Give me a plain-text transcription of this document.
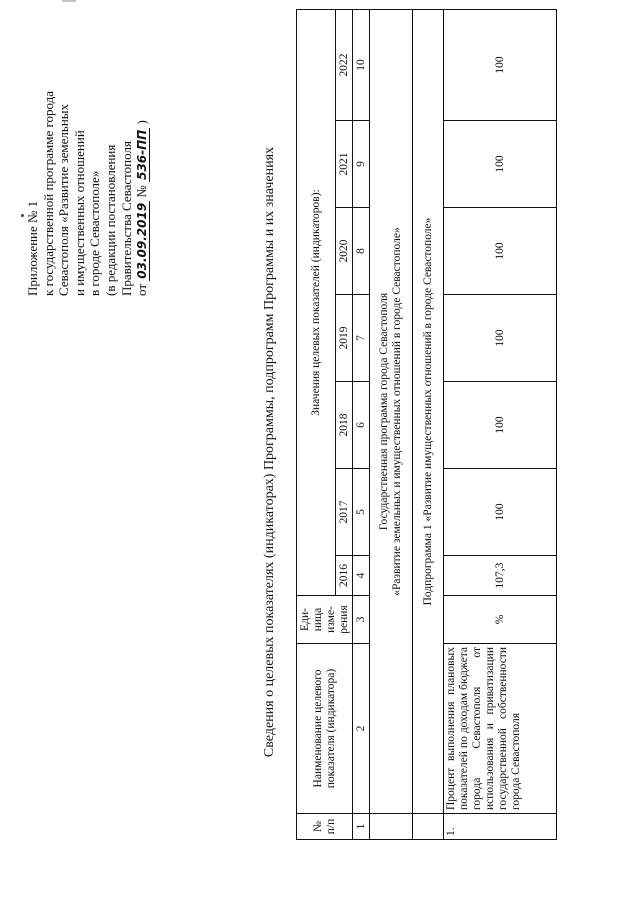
Приложение № 1 к государственной программе города Севастополя «Развитие земельных и имущественных отношений в городе Севастополе» (в редакции постановления Правительства Севастополя от 03.09.2019 № 536-ПП )
Сведения о целевых показателях (индикаторах) Программы, подпрограмм Программы и их значениях
№ п/п	Наименование целевого показателя (индикатора)	Еди-ница изме-рения	Значения целевых показателей (индикаторов):						
			2016	2017	2018	2019	2020	2021	2022
1	2	3	4	5	6	7	8	9	10

	Государственная программа города Севастополя «Развитие земельных и имущественных отношений в городе Севастополе»								

	Подпрограмма 1 «Развитие имущественных отношений в городе Севастополе»								
1.	Процент выполнения плановых показателей по доходам бюджета города Севастополя от использования и приватизации государственной собственности города Севастополя	%	107,3	100	100	100	100	100	100
